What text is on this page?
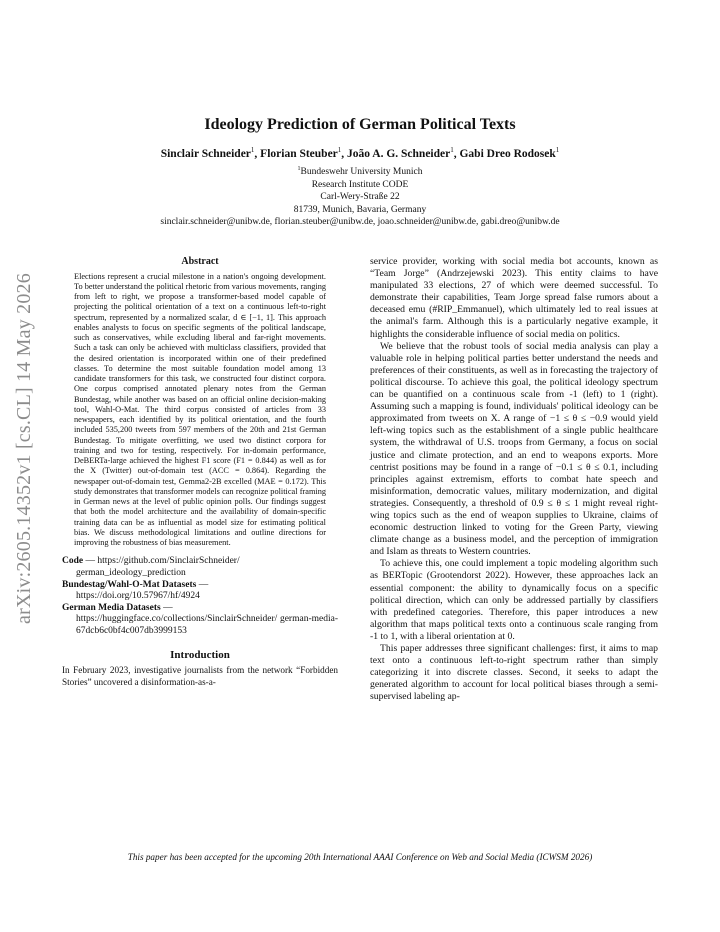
arXiv:2605.14352v1 [cs.CL] 14 May 2026
Ideology Prediction of German Political Texts
Sinclair Schneider$^1$, Florian Steuber$^1$, João A. G. Schneider$^1$, Gabi Dreo Rodosek$^1$
$^1$Bundeswehr University Munich
Research Institute CODE
Carl-Wery-Straße 22
81739, Munich, Bavaria, Germany
sinclair.schneider@unibw.de, florian.steuber@unibw.de, joao.schneider@unibw.de, gabi.dreo@unibw.de
Abstract

Elections represent a crucial milestone in a nation's ongoing development. To better understand the political rhetoric from various movements, ranging from left to right, we propose a transformer-based model capable of projecting the political orientation of a text on a continuous left-to-right spectrum, represented by a normalized scalar, d ∈ [−1, 1]. This approach enables analysts to focus on specific segments of the political landscape, such as conservatives, while excluding liberal and far-right movements. Such a task can only be achieved with multiclass classifiers, provided that the desired orientation is incorporated within one of their predefined classes. To determine the most suitable foundation model among 13 candidate transformers for this task, we constructed four distinct corpora. One corpus comprised annotated plenary notes from the German Bundestag, while another was based on an official online decision-making tool, Wahl-O-Mat. The third corpus consisted of articles from 33 newspapers, each identified by its political orientation, and the fourth included 535,200 tweets from 597 members of the 20th and 21st German Bundestag. To mitigate overfitting, we used two distinct corpora for training and two for testing, respectively. For in-domain performance, DeBERTa-large achieved the highest F1 score (F1 = 0.844) as well as for the X (Twitter) out-of-domain test (ACC = 0.864). Regarding the newspaper out-of-domain test, Gemma2-2B excelled (MAE = 0.172). This study demonstrates that transformer models can recognize political framing in German news at the level of public opinion polls. Our findings suggest that both the model architecture and the availability of domain-specific training data can be as influential as model size for estimating political bias. We discuss methodological limitations and outline directions for improving the robustness of bias measurement.

Code — https://github.com/SinclairSchneider/
german_ideology_prediction
Bundestag/Wahl-O-Mat Datasets —
https://doi.org/10.57967/hf/4924
German Media Datasets —
https://huggingface.co/collections/SinclairSchneider/ german-media-67dcb6c0bf4c007db3999153
Introduction

In February 2023, investigative journalists from the network “Forbidden Stories” uncovered a disinformation-as-a-

service provider, working with social media bot accounts, known as “Team Jorge” (Andrzejewski 2023). This entity claims to have manipulated 33 elections, 27 of which were deemed successful. To demonstrate their capabilities, Team Jorge spread false rumors about a deceased emu (#RIP_Emmanuel), which ultimately led to real issues at the animal's farm. Although this is a particularly negative example, it highlights the considerable influence of social media on politics.

We believe that the robust tools of social media analysis can play a valuable role in helping political parties better understand the needs and preferences of their constituents, as well as in forecasting the trajectory of political discourse. To achieve this goal, the political ideology spectrum can be quantified on a continuous scale from -1 (left) to 1 (right). Assuming such a mapping is found, individuals' political ideology can be approximated from tweets on X. A range of −1 ≤ θ ≤ −0.9 would yield left-wing topics such as the establishment of a single public healthcare system, the withdrawal of U.S. troops from Germany, a focus on social justice and climate protection, and an end to weapons exports. More centrist positions may be found in a range of −0.1 ≤ θ ≤ 0.1, including principles against extremism, efforts to combat hate speech and misinformation, democratic values, military modernization, and digital strategies. Consequently, a threshold of 0.9 ≤ θ ≤ 1 might reveal right-wing topics such as the end of weapon supplies to Ukraine, claims of economic destruction linked to voting for the Green Party, viewing climate change as a business model, and the perception of immigration and Islam as threats to Western countries.

To achieve this, one could implement a topic modeling algorithm such as BERTopic (Grootendorst 2022). However, these approaches lack an essential component: the ability to dynamically focus on a specific political direction, which can only be addressed partially by classifiers with predefined categories. Therefore, this paper introduces a new algorithm that maps political texts onto a continuous scale ranging from -1 to 1, with a liberal orientation at 0.

This paper addresses three significant challenges: first, it aims to map text onto a continuous left-to-right spectrum rather than simply categorizing it into discrete classes. Second, it seeks to adapt the generated algorithm to account for local political biases through a semi-supervised labeling ap-

This paper has been accepted for the upcoming 20th International AAAI Conference on Web and Social Media (ICWSM 2026)
